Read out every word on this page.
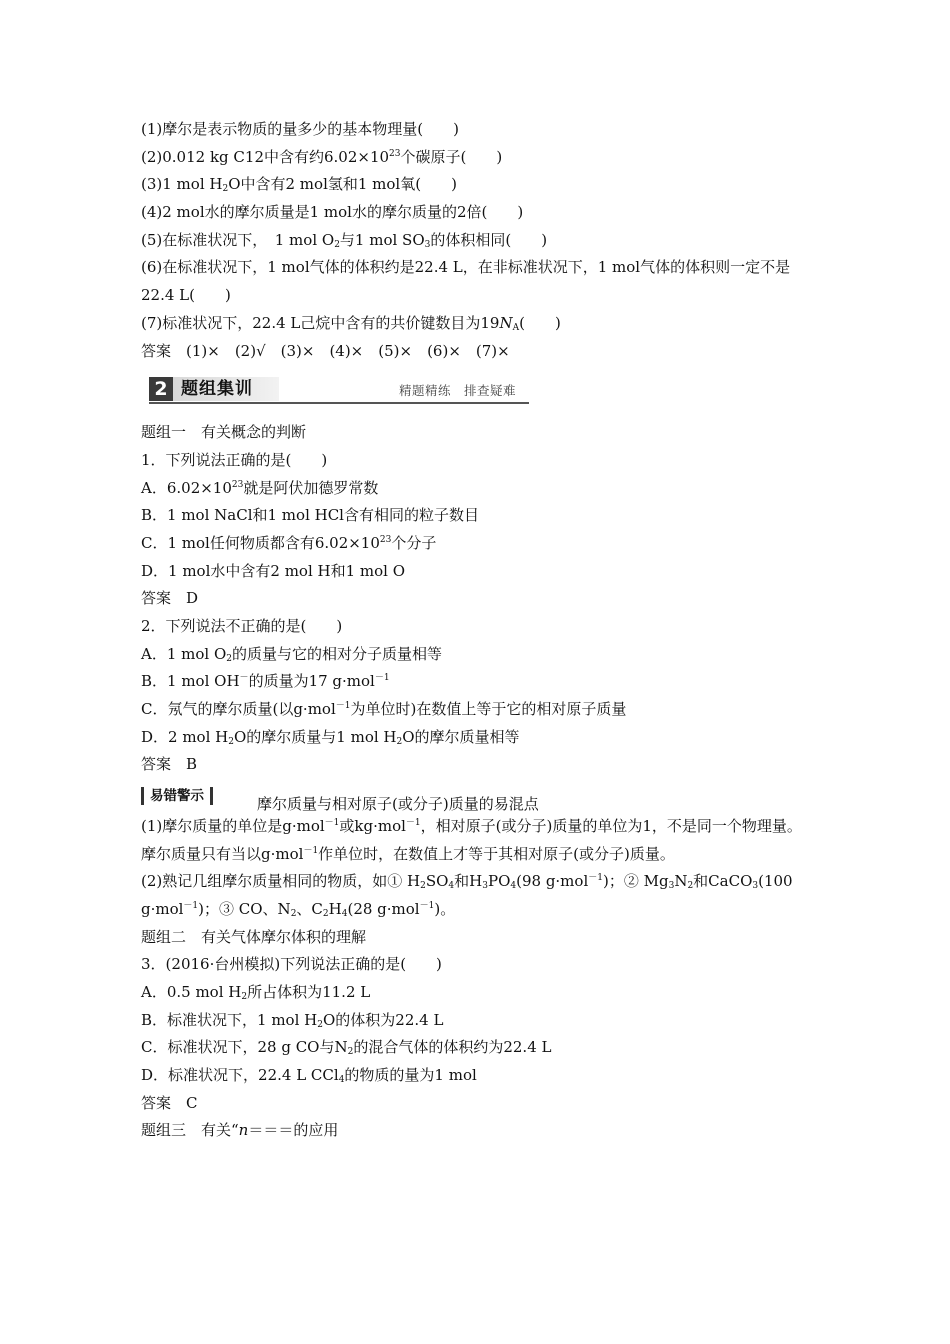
(1)摩尔是表示物质的量多少的基本物理量(　　)
(2)0.012 kg C12中含有约$6.02\times 10^{23}$个碳原子(　　)
(3)1 mol $H_2O$中含有2 mol氢和1 mol氧(　　)
(4)2 mol水的摩尔质量是1 mol水的摩尔质量的2倍(　　)
(5)在标准状况下，　1 mol $O_2$与1 mol $SO_3$的体积相同(　　)
(6)在标准状况下，1 mol气体的体积约是22.4 L，在非标准状况下，1 mol气体的体积则一定不是22.4 L(　　)
(7)标准状况下，22.4 L己烷中含有的共价键数目为$19N_A$(　　)
答案　(1)×　(2)√　(3)×　(4)×　(5)×　(6)×　(7)×
2 题组集训	精题精练　排查疑难
题组一　有关概念的判断
1．下列说法正确的是(　　)
A．$6.02\times 10^{23}$就是阿伏加德罗常数
B．1 mol NaCl和1 mol HCl含有相同的粒子数目
C．1 mol任何物质都含有$6.02\times 10^{23}$个分子
D．1 mol水中含有2 mol H和1 mol O
答案　D
2．下列说法不正确的是(　　)
A．1 mol $O_2$的质量与它的相对分子质量相等
B．1 mol OH－的质量为17 g·mol$^{-1}$
C．氖气的摩尔质量(以g·mol$^{-1}$为单位时)在数值上等于它的相对原子质量
D．2 mol $H_2O$的摩尔质量与1 mol $H_2O$的摩尔质量相等
答案　B
易错警示	摩尔质量与相对原子(或分子)质量的易混点
(1)摩尔质量的单位是g·mol$^{-1}$或kg·mol$^{-1}$，相对原子(或分子)质量的单位为1，不是同一个物理量。摩尔质量只有当以g·mol$^{-1}$作单位时，在数值上才等于其相对原子(或分子)质量。
(2)熟记几组摩尔质量相同的物质，如① $H_2SO_4$和$H_3PO_4(98$ g·mol$^{-1}$)；② $Mg_3N_2$和CaCO$_3$(100 g·mol$^{-1}$)；③ CO、$N_2$、$C_2H_4(28$ g·mol$^{-1}$)。
题组二　有关气体摩尔体积的理解
3．(2016·台州模拟)下列说法正确的是(　　)
A．0.5 mol $H_2$所占体积为11.2 L
B．标准状况下，1 mol $H_2O$的体积为22.4 L
C．标准状况下，28 g CO与$N_2$的混合气体的体积约为22.4 L
D．标准状况下，22.4 L CCl$_4$的物质的量为1 mol
答案　C
题组三　有关“n＝＝＝的应用
